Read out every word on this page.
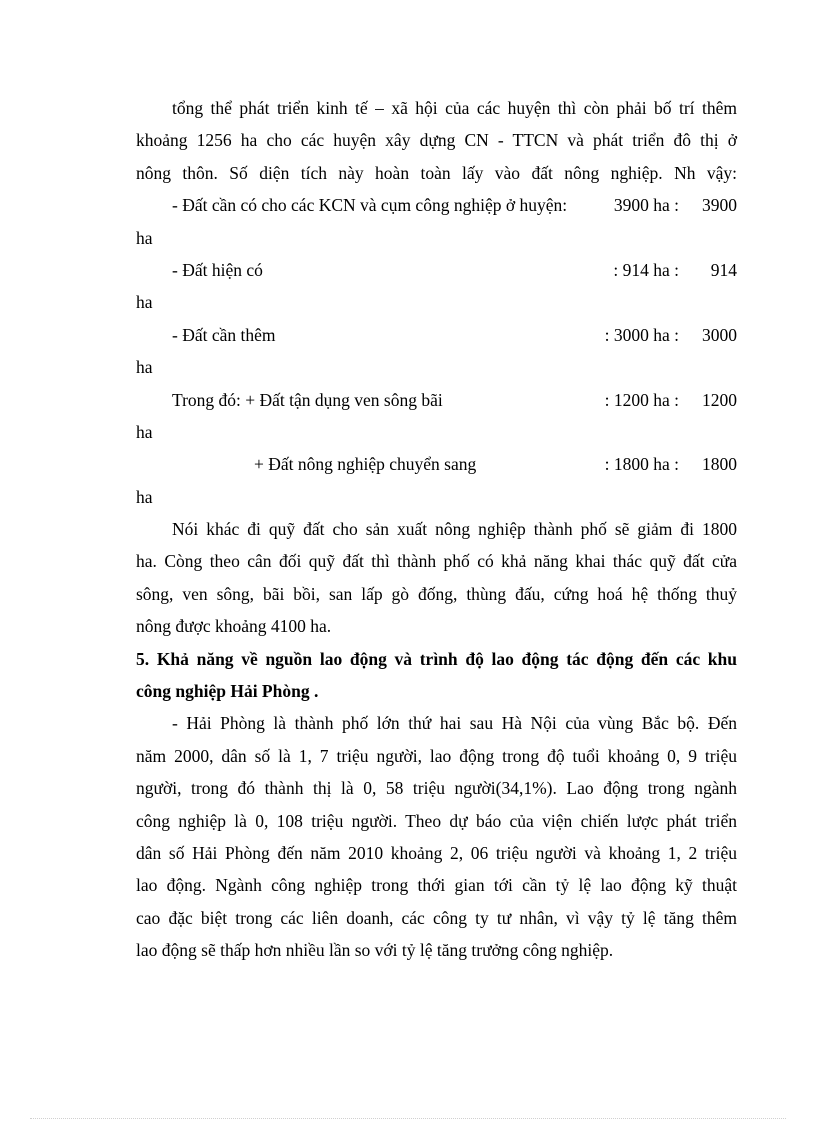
tổng thể phát triển kinh tế – xã hội của các huyện thì còn phải bố trí thêm
khoảng 1256 ha cho các huyện xây dựng CN - TTCN và phát triển đô thị ở
nông thôn. Số diện tích này hoàn toàn lấy vào đất nông nghiệp. Nh vậy:
- Đất cần có cho các KCN và cụm công nghiệp ở huyện:	3900 ha : 3900
ha
- Đất hiện có	: 914 ha : 914
ha
- Đất cần thêm	: 3000 ha : 3000
ha
Trong đó: + Đất tận dụng ven sông bãi	: 1200 ha : 1200
ha
+ Đất nông nghiệp chuyển sang	: 1800 ha : 1800
ha
Nói khác đi quỹ đất cho sản xuất nông nghiệp thành phố sẽ giảm đi 1800
ha. Còng theo cân đối quỹ đất thì thành phố có khả năng khai thác quỹ đất cửa
sông, ven sông, bãi bồi, san lấp gò đống, thùng đấu, cứng hoá hệ thống thuỷ
nông được khoảng 4100 ha.
5. Khả năng về nguồn lao động và trình độ lao động tác động đến các khu
công nghiệp Hải Phòng .
- Hải Phòng là thành phố lớn thứ hai sau Hà Nội của vùng Bắc bộ. Đến
năm 2000, dân số là 1, 7 triệu người, lao động trong độ tuổi khoảng 0, 9 triệu
người, trong đó thành thị là 0, 58 triệu người(34,1%). Lao động trong ngành
công nghiệp là 0, 108 triệu người. Theo dự báo của viện chiến lược phát triển
dân số Hải Phòng đến năm 2010 khoảng 2, 06 triệu người và khoảng 1, 2 triệu
lao động. Ngành công nghiệp trong thới gian tới cần tỷ lệ lao động kỹ thuật
cao đặc biệt trong các liên doanh, các công ty tư nhân, vì vậy tỷ lệ tăng thêm
lao động sẽ thấp hơn nhiều lần so với tỷ lệ tăng trưởng công nghiệp.
